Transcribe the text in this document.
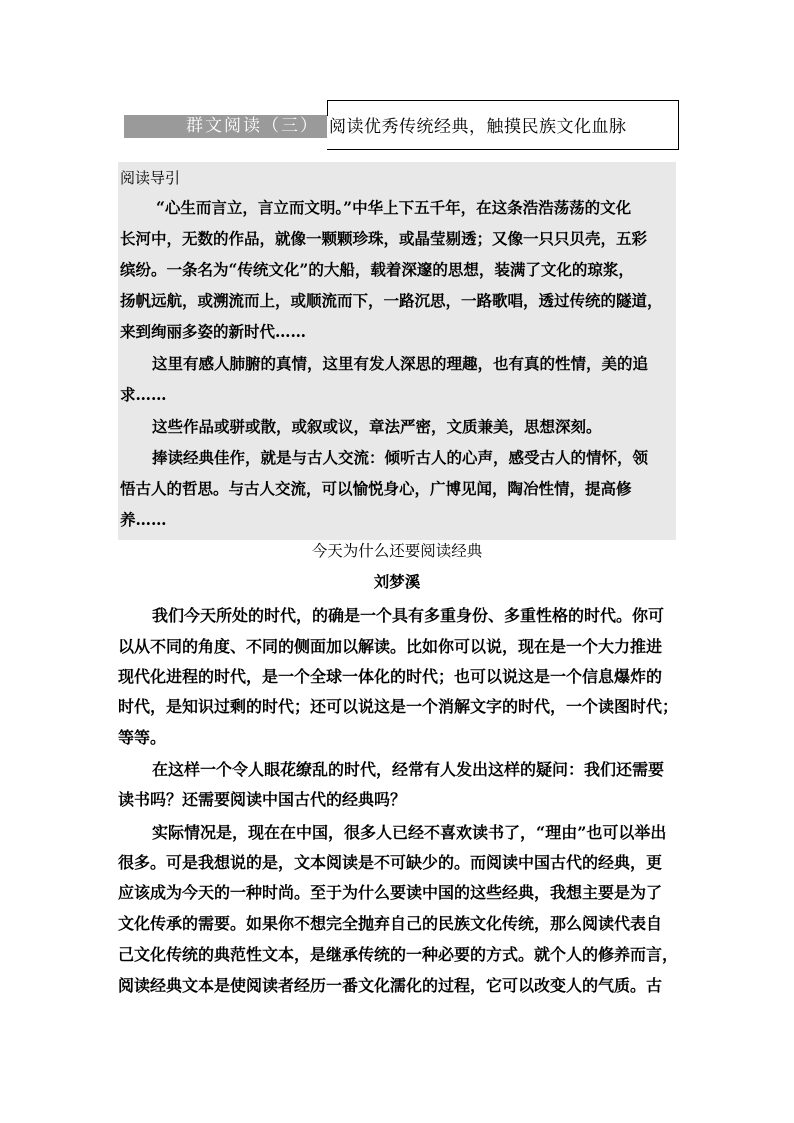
群文阅读（三） 阅读优秀传统经典，触摸民族文化血脉
阅读导引
“心生而言立，言立而文明。”中华上下五千年，在这条浩浩荡荡的文化
长河中，无数的作品，就像一颗颗珍珠，或晶莹剔透；又像一只只贝壳，五彩
缤纷。一条名为“传统文化”的大船，载着深邃的思想，装满了文化的琼浆，
扬帆远航，或溯流而上，或顺流而下，一路沉思，一路歌唱，透过传统的隧道，
来到绚丽多姿的新时代……
这里有感人肺腑的真情，这里有发人深思的理趣，也有真的性情，美的追
求……
这些作品或骈或散，或叙或议，章法严密，文质兼美，思想深刻。
捧读经典佳作，就是与古人交流：倾听古人的心声，感受古人的情怀，领
悟古人的哲思。与古人交流，可以愉悦身心，广博见闻，陶冶性情，提高修
养……
今天为什么还要阅读经典
刘梦溪
我们今天所处的时代，的确是一个具有多重身份、多重性格的时代。你可
以从不同的角度、不同的侧面加以解读。比如你可以说，现在是一个大力推进
现代化进程的时代，是一个全球一体化的时代；也可以说这是一个信息爆炸的
时代，是知识过剩的时代；还可以说这是一个消解文字的时代，一个读图时代；
等等。
在这样一个令人眼花缭乱的时代，经常有人发出这样的疑问：我们还需要
读书吗？还需要阅读中国古代的经典吗？
实际情况是，现在在中国，很多人已经不喜欢读书了，“理由”也可以举出
很多。可是我想说的是，文本阅读是不可缺少的。而阅读中国古代的经典，更
应该成为今天的一种时尚。至于为什么要读中国的这些经典，我想主要是为了
文化传承的需要。如果你不想完全抛弃自己的民族文化传统，那么阅读代表自
己文化传统的典范性文本，是继承传统的一种必要的方式。就个人的修养而言，
阅读经典文本是使阅读者经历一番文化濡化的过程，它可以改变人的气质。古
